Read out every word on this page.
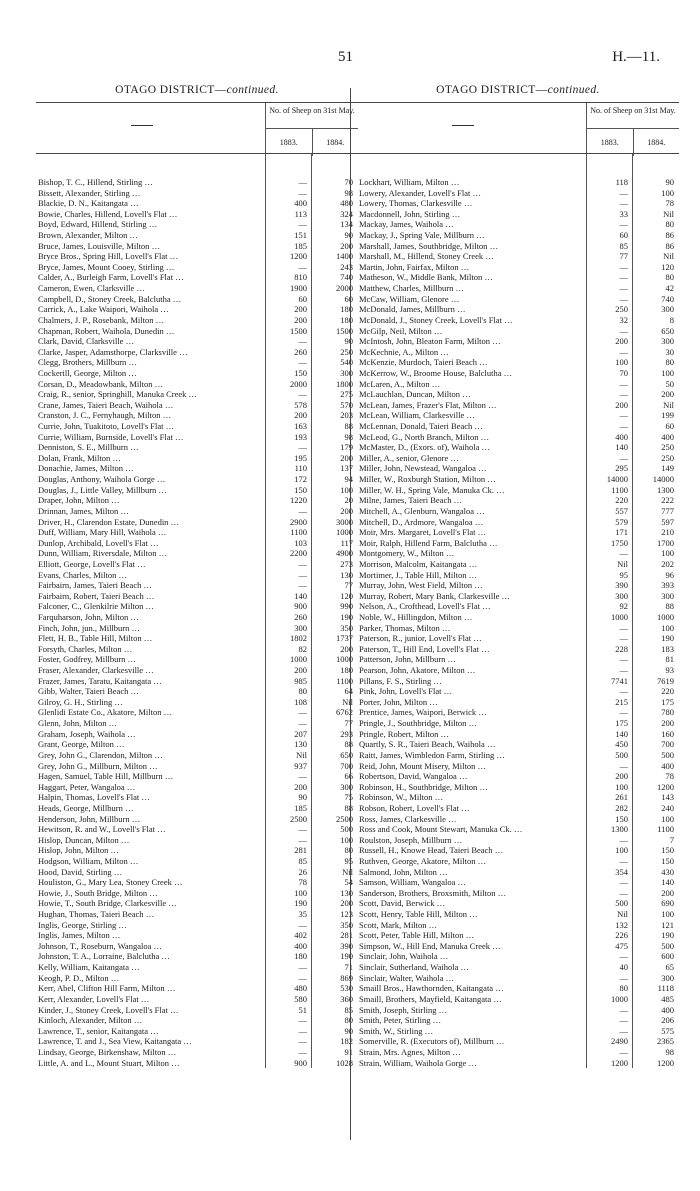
51	H.—11.
OTAGO DISTRICT—continued.
No. of Sheep on 31st May.
1883.	1884.
Bishop, T. C., Hillend, Stirling …	—	70
Bissett, Alexander, Stirling …	—	98
Blackie, D. N., Kaitangata …	400	480
Bowie, Charles, Hillend, Lovell's Flat …	113	324
Boyd, Edward, Hillend, Stirling …	—	134
Brown, Alexander, Milton …	151	90
Bruce, James, Louisville, Milton …	185	200
Bryce Bros., Spring Hill, Lovell's Flat …	1200	1400
Bryce, James, Mount Cooey, Stirling …	—	243
Calder, A., Burleigh Farm, Lovell's Flat …	810	740
Cameron, Ewen, Clarksville …	1900	2000
Campbell, D., Stoney Creek, Balclutha …	60	60
Carrick, A., Lake Waipori, Waihola …	200	180
Chalmers, J. P., Rosebank, Milton …	200	180
Chapman, Robert, Waihola, Dunedin …	1500	1500
Clark, David, Clarksville …	—	90
Clarke, Jasper, Adamsthorpe, Clarksville …	260	250
Clegg, Brothers, Millburn …	—	540
Cockerill, George, Milton …	150	300
Corsan, D., Meadowbank, Milton …	2000	1800
Craig, R., senior, Springhill, Manuka Creek …	—	275
Crane, James, Taieri Beach, Waihola …	578	570
Cranston, J. C., Fernyhaugh, Milton …	200	203
Currie, John, Tuakitoto, Lovell's Flat …	163	88
Currie, William, Burnside, Lovell's Flat …	193	98
Denniston, S. E., Millburn …	—	179
Dolan, Frank, Milton …	195	200
Donachie, James, Milton …	110	137
Douglas, Anthony, Waihola Gorge …	172	94
Douglas, J., Little Valley, Millburn …	150	100
Draper, John, Milton …	1220	20
Drinnan, James, Milton …	—	200
Driver, H., Clarendon Estate, Dunedin …	2900	3000
Duff, William, Mary Hill, Waihola …	1100	1000
Dunlop, Archibald, Lovell's Flat …	103	117
Dunn, William, Riversdale, Milton …	2200	4900
Elliott, George, Lovell's Flat …	—	273
Evans, Charles, Milton …	—	130
Fairbairn, James, Taieri Beach …	—	77
Fairbairn, Robert, Taieri Beach …	140	120
Falconer, C., Glenkilrie Milton …	900	990
Farquharson, John, Milton …	260	190
Finch, John, jun., Millburn …	300	350
Flett, H. B., Table Hill, Milton …	1802	1737
Forsyth, Charles, Milton …	82	200
Foster, Godfrey, Millburn …	1000	1000
Fraser, Alexander, Clarkesville …	200	180
Frazer, James, Taratu, Kaitangata …	985	1100
Gibb, Walter, Taieri Beach …	80	64
Gilroy, G. H., Stirling …	108	Nil
Glenlidi Estate Co., Akatore, Milton …	—	6762
Glenn, John, Milton …	—	77
Graham, Joseph, Waihola …	207	293
Grant, George, Milton …	130	88
Grey, John G., Clarendon, Milton …	Nil	650
Grey, John G., Millburn, Milton …	937	700
Hagen, Samuel, Table Hill, Millburn …	—	66
Haggart, Peter, Wangaloa …	200	300
Halpin, Thomas, Lovell's Flat …	90	75
Heads, George, Millburn …	185	88
Henderson, John, Millburn …	2500	2500
Hewitson, R. and W., Lovell's Flat …	—	500
Hislop, Duncan, Milton …	—	100
Hislop, John, Milton …	281	80
Hodgson, William, Milton …	85	95
Hood, David, Stirling …	26	Nil
Houliston, G., Mary Lea, Stoney Creek …	78	54
Howie, J., South Bridge, Milton …	100	130
Howie, T., South Bridge, Clarkesville …	190	200
Hughan, Thomas, Taieri Beach …	35	123
Inglis, George, Stirling …	—	350
Inglis, James, Milton …	402	281
Johnson, T., Roseburn, Wangaloa …	400	390
Johnston, T. A., Lorraine, Balclutha …	180	190
Kelly, William, Kaitangata …	—	71
Keogh, P. D., Milton …	—	869
Kerr, Abel, Clifton Hill Farm, Milton …	480	530
Kerr, Alexander, Lovell's Flat …	580	360
Kinder, J., Stoney Creek, Lovell's Flat …	51	85
Kinloch, Alexander, Milton …	—	80
Lawrence, T., senior, Kaitangata …	—	90
Lawrence, T. and J., Sea View, Kaitangata …	—	182
Lindsay, George, Birkenshaw, Milton …	—	91
Little, A. and L., Mount Stuart, Milton …	900	1028
OTAGO DISTRICT—continued.
No. of Sheep on 31st May.
1883.	1884.
Lockhart, William, Milton …	118	90
Lowery, Alexander, Lovell's Flat …	—	100
Lowery, Thomas, Clarkesville …	—	78
Macdonnell, John, Stirling …	33	Nil
Mackay, James, Waihola …	—	80
Mackay, J., Spring Vale, Millburn …	60	86
Marshall, James, Southbridge, Milton …	85	86
Marshall, M., Hillend, Stoney Creek …	77	Nil
Martin, John, Fairfax, Milton …	—	120
Matheson, W., Middle Bank, Milton …	—	80
Matthew, Charles, Millburn …	—	42
McCaw, William, Glenore …	—	740
McDonald, James, Millburn …	250	300
McDonald, J., Stoney Creek, Lovell's Flat …	32	8
McGilp, Neil, Milton …	—	650
McIntosh, John, Bleaton Farm, Milton …	200	300
McKechnie, A., Milton …	—	30
McKenzie, Murdoch, Taieri Beach …	100	80
McKerrow, W., Broome House, Balclutha …	70	100
McLaren, A., Milton …	—	50
McLauchlan, Duncan, Milton …	—	200
McLean, James, Frazer's Flat, Milton …	200	Nil
McLean, William, Clarkesville …	—	199
McLennan, Donald, Taieri Beach …	—	60
McLeod, G., North Branch, Milton …	400	400
McMaster, D., (Exors. of), Waihola …	140	250
Miller, A., senior, Glenore …	—	250
Miller, John, Newstead, Wangaloa …	295	149
Miller, W., Roxburgh Station, Milton …	14000	14000
Miller, W. H., Spring Vale, Manuka Ck. …	1100	1300
Milne, James, Taieri Beach …	220	222
Mitchell, A., Glenburn, Wangaloa …	557	777
Mitchell, D., Ardmore, Wangaloa …	579	597
Moir, Mrs. Margaret, Lovell's Flat …	171	210
Moir, Ralph, Hillend Farm, Balclutha …	1750	1700
Montgomery, W., Milton …	—	100
Morrison, Malcolm, Kaitangata …	Nil	202
Mortimer, J., Table Hill, Milton …	95	96
Murray, John, West Field, Milton …	390	393
Murray, Robert, Mary Bank, Clarkesville …	300	300
Nelson, A., Crofthead, Lovell's Flat …	92	88
Noble, W., Hillingdon, Milton …	1000	1000
Parker, Thomas, Milton …	—	100
Paterson, R., junior, Lovell's Flat …	—	190
Paterson, T., Hill End, Lovell's Flat …	228	183
Patterson, John, Millburn …	—	81
Pearson, John, Akatore, Milton …	—	93
Pillans, F. S., Stirling …	7741	7619
Pink, John, Lovell's Flat …	—	220
Porter, John, Milton …	215	175
Prentice, James, Waipori, Berwick …	—	780
Pringle, J., Southbridge, Milton …	175	200
Pringle, Robert, Milton …	140	160
Quartly, S. R., Taieri Beach, Waihola …	450	700
Raitt, James, Wimbledon Farm, Stirling …	500	500
Reid, John, Mount Misery, Milton …	—	400
Robertson, David, Wangaloa …	200	78
Robinson, H., Southbridge, Milton …	100	1200
Robinson, W., Milton …	261	143
Robson, Robert, Lovell's Flat …	282	240
Ross, James, Clarkesville …	150	100
Ross and Cook, Mount Stewart, Manuka Ck. …	1300	1100
Roulston, Joseph, Millburn …	—	7
Russell, H., Knowe Head, Taieri Beach …	100	150
Ruthven, George, Akatore, Milton …	—	150
Salmond, John, Milton …	354	430
Samson, William, Wangaloa …	—	140
Sanderson, Brothers, Broxsmith, Milton …	—	200
Scott, David, Berwick …	500	690
Scott, Henry, Table Hill, Milton …	Nil	100
Scott, Mark, Milton …	132	121
Scott, Peter, Table Hill, Milton …	226	190
Simpson, W., Hill End, Manuka Creek …	475	500
Sinclair, John, Waihola …	—	600
Sinclair, Sutherland, Waihola …	40	65
Sinclair, Walter, Waihola …	—	300
Smaill Bros., Hawthornden, Kaitangata …	80	1118
Smaill, Brothers, Mayfield, Kaitangata …	1000	485
Smith, Joseph, Stirling …	—	400
Smith, Peter, Stirling …	—	206
Smith, W., Stirling …	—	575
Somerville, R. (Executors of), Millburn …	2490	2365
Strain, Mrs. Agnes, Milton …	—	98
Strain, William, Waihola Gorge …	1200	1200
